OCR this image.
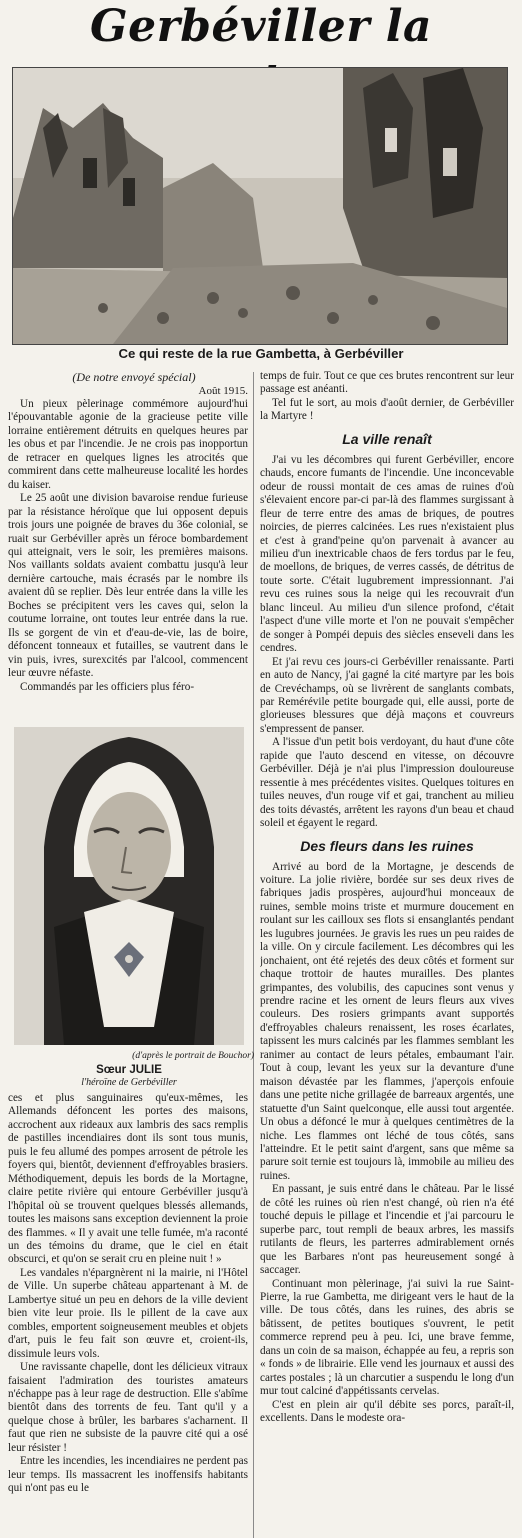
Gerbéviller la
Ce qui reste de la rue Gambetta, à Gerbéviller

(De notre envoyé spécial)

Août 1915.

Un pieux pèlerinage commémore aujourd'hui l'épouvantable agonie de la gracieuse petite ville lorraine entièrement détruits en quelques heures par les obus et par l'incendie. Je ne crois pas inopportun de retracer en quelques lignes les atrocités que commirent dans cette malheureuse localité les hordes du kaiser.

Le 25 août une division bavaroise rendue furieuse par la résistance héroïque que lui opposent depuis trois jours une poignée de braves du 36e colonial, se ruait sur Gerbéviller après un féroce bombardement qui atteignait, vers le soir, les premières maisons. Nos vaillants soldats avaient combattu jusqu'à leur dernière cartouche, mais écrasés par le nombre ils avaient dû se replier. Dès leur entrée dans la ville les Boches se précipitent vers les caves qui, selon la coutume lorraine, ont toutes leur entrée dans la rue. Ils se gorgent de vin et d'eau-de-vie, las de boire, défoncent tonneaux et futailles, se vautrent dans le vin puis, ivres, surexcités par l'alcool, commencent leur œuvre néfaste.

Commandés par les officiers plus féro-

(d'après le portrait de Bouchor)
Sœur JULIE
l'héroïne de Gerbéviller

ces et plus sanguinaires qu'eux-mêmes, les Allemands défoncent les portes des maisons, accrochent aux rideaux aux lambris des sacs remplis de pastilles incendiaires dont ils sont tous munis, puis le feu allumé des pompes arrosent de pétrole les foyers qui, bientôt, deviennent d'effroyables brasiers. Méthodiquement, depuis les bords de la Mortagne, claire petite rivière qui entoure Gerbéviller jusqu'à l'hôpital où se trouvent quelques blessés allemands, toutes les maisons sans exception deviennent la proie des flammes. « Il y avait une telle fumée, m'a raconté un des témoins du drame, que le ciel en était obscurci, et qu'on se serait cru en pleine nuit ! »

Les vandales n'épargnèrent ni la mairie, ni l'Hôtel de Ville. Un superbe château appartenant à M. de Lambertye situé un peu en dehors de la ville devient bien vite leur proie. Ils le pillent de la cave aux combles, emportent soigneusement meubles et objets d'art, puis le feu fait son œuvre et, croient-ils, dissimule leurs vols.

Une ravissante chapelle, dont les délicieux vitraux faisaient l'admiration des touristes amateurs n'échappe pas à leur rage de destruction. Elle s'abîme bientôt dans des torrents de feu. Tant qu'il y a quelque chose à brûler, les barbares s'acharnent. Il faut que rien ne subsiste de la pauvre cité qui a osé leur résister !

Entre les incendies, les incendiaires ne perdent pas leur temps. Ils massacrent les inoffensifs habitants qui n'ont pas eu le

temps de fuir. Tout ce que ces brutes rencontrent sur leur passage est anéanti.

Tel fut le sort, au mois d'août dernier, de Gerbéviller la Martyre !

La ville renaît

J'ai vu les décombres qui furent Gerbéviller, encore chauds, encore fumants de l'incendie. Une inconcevable odeur de roussi montait de ces amas de ruines d'où s'élevaient encore par-ci par-là des flammes surgissant à fleur de terre entre des amas de briques, de poutres noircies, de pierres calcinées. Les rues n'existaient plus et c'est à grand'peine qu'on parvenait à avancer au milieu d'un inextricable chaos de fers tordus par le feu, de moellons, de briques, de verres cassés, de détritus de toute sorte. C'était lugubrement impressionnant. J'ai revu ces ruines sous la neige qui les recouvrait d'un blanc linceul. Au milieu d'un silence profond, c'était l'aspect d'une ville morte et l'on ne pouvait s'empêcher de songer à Pompéi depuis des siècles enseveli dans les cendres.

Et j'ai revu ces jours-ci Gerbéviller renaissante. Parti en auto de Nancy, j'ai gagné la cité martyre par les bois de Crevéchamps, où se livrèrent de sanglants combats, par Remérévile petite bourgade qui, elle aussi, porte de glorieuses blessures que déjà maçons et couvreurs s'empressent de panser.

A l'issue d'un petit bois verdoyant, du haut d'une côte rapide que l'auto descend en vitesse, on découvre Gerbéviller. Déjà je n'ai plus l'impression douloureuse ressentie à mes précédentes visites. Quelques toitures en tuiles neuves, d'un rouge vif et gai, tranchent au milieu des toits dévastés, arrêtent les rayons d'un beau et chaud soleil et égayent le regard.

Des fleurs dans les ruines

Arrivé au bord de la Mortagne, je descends de voiture. La jolie rivière, bordée sur ses deux rives de fabriques jadis prospères, aujourd'hui monceaux de ruines, semble moins triste et murmure doucement en roulant sur les cailloux ses flots si ensanglantés pendant les lugubres journées. Je gravis les rues un peu raides de la ville. On y circule facilement. Les décombres qui les jonchaient, ont été rejetés des deux côtés et forment sur chaque trottoir de hautes murailles. Des plantes grimpantes, des volubilis, des capucines sont venus y prendre racine et les ornent de leurs fleurs aux vives couleurs. Des rosiers grimpants avant supportés d'effroyables chaleurs renaissent, les roses écarlates, tapissent les murs calcinés par les flammes semblant les ranimer au contact de leurs pétales, embaumant l'air. Tout à coup, levant les yeux sur la devanture d'une maison dévastée par les flammes, j'aperçois enfouie dans une petite niche grillagée de barreaux argentés, une statuette d'un Saint quelconque, elle aussi tout argentée. Un obus a défoncé le mur à quelques centimètres de la niche. Les flammes ont léché de tous côtés, sans l'atteindre. Et le petit saint d'argent, sans que même sa parure soit ternie est toujours là, immobile au milieu des ruines.

En passant, je suis entré dans le château. Par le lissé de côté les ruines où rien n'est changé, où rien n'a été touché depuis le pillage et l'incendie et j'ai parcouru le superbe parc, tout rempli de beaux arbres, les massifs rutilants de fleurs, les parterres admirablement ornés que les Barbares n'ont pas heureusement songé à saccager.

Continuant mon pèlerinage, j'ai suivi la rue Saint-Pierre, la rue Gambetta, me dirigeant vers le haut de la ville. De tous côtés, dans les ruines, des abris se bâtissent, de petites boutiques s'ouvrent, le petit commerce reprend peu à peu. Ici, une brave femme, dans un coin de sa maison, échappée au feu, a repris son « fonds » de librairie. Elle vend les journaux et aussi des cartes postales ; là un charcutier a suspendu le long d'un mur tout calciné d'appétissants cervelas.

C'est en plein air qu'il débite ses porcs, paraît-il, excellents. Dans le modeste ora-
